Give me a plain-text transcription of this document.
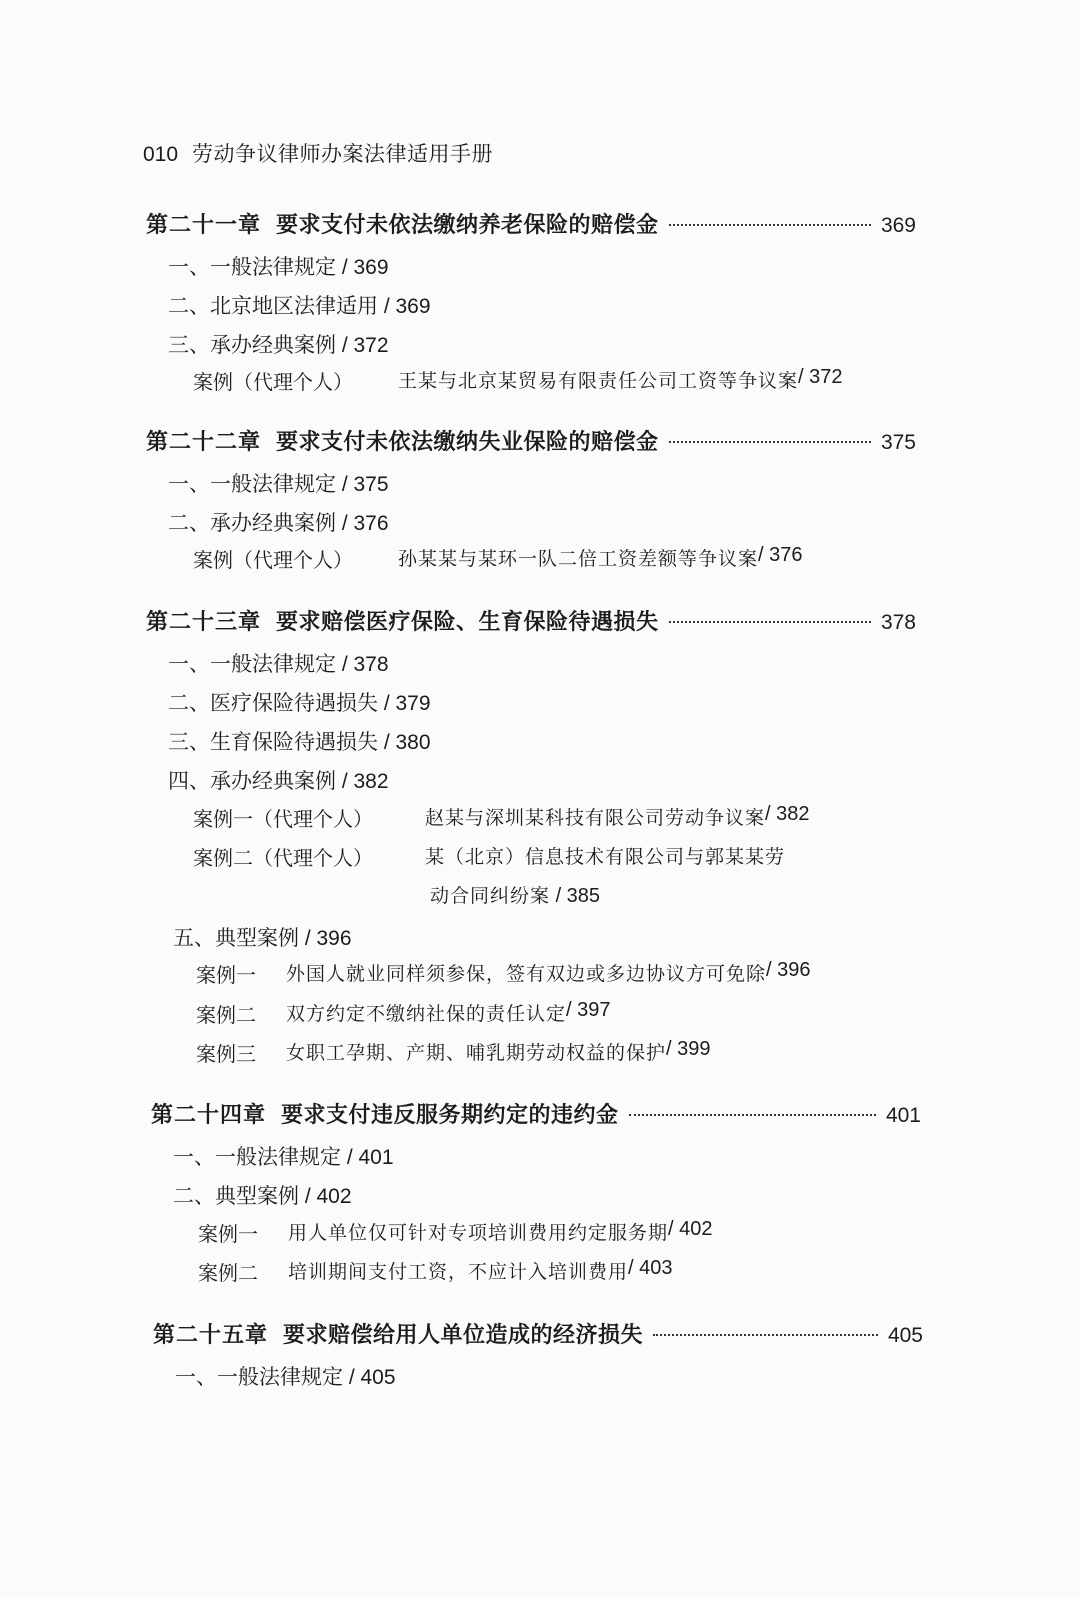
010 劳动争议律师办案法律适用手册
第二十一章 要求支付未依法缴纳养老保险的赔偿金	369
一、一般法律规定 / 369
二、北京地区法律适用 / 369
三、承办经典案例 / 372
案例（代理个人）	王某与北京某贸易有限责任公司工资等争议案 / 372
第二十二章 要求支付未依法缴纳失业保险的赔偿金	375
一、一般法律规定 / 375
二、承办经典案例 / 376
案例（代理个人）	孙某某与某环一队二倍工资差额等争议案 / 376
第二十三章 要求赔偿医疗保险、生育保险待遇损失	378
一、一般法律规定 / 378
二、医疗保险待遇损失 / 379
三、生育保险待遇损失 / 380
四、承办经典案例 / 382
案例一（代理个人）	赵某与深圳某科技有限公司劳动争议案 / 382
案例二（代理个人）	某（北京）信息技术有限公司与郭某某劳
动合同纠纷案 / 385
五、典型案例 / 396
案例一	外国人就业同样须参保，签有双边或多边协议方可免除 / 396
案例二	双方约定不缴纳社保的责任认定 / 397
案例三	女职工孕期、产期、哺乳期劳动权益的保护 / 399
第二十四章 要求支付违反服务期约定的违约金	401
一、一般法律规定 / 401
二、典型案例 / 402
案例一	用人单位仅可针对专项培训费用约定服务期 / 402
案例二	培训期间支付工资，不应计入培训费用 / 403
第二十五章 要求赔偿给用人单位造成的经济损失	405
一、一般法律规定 / 405
